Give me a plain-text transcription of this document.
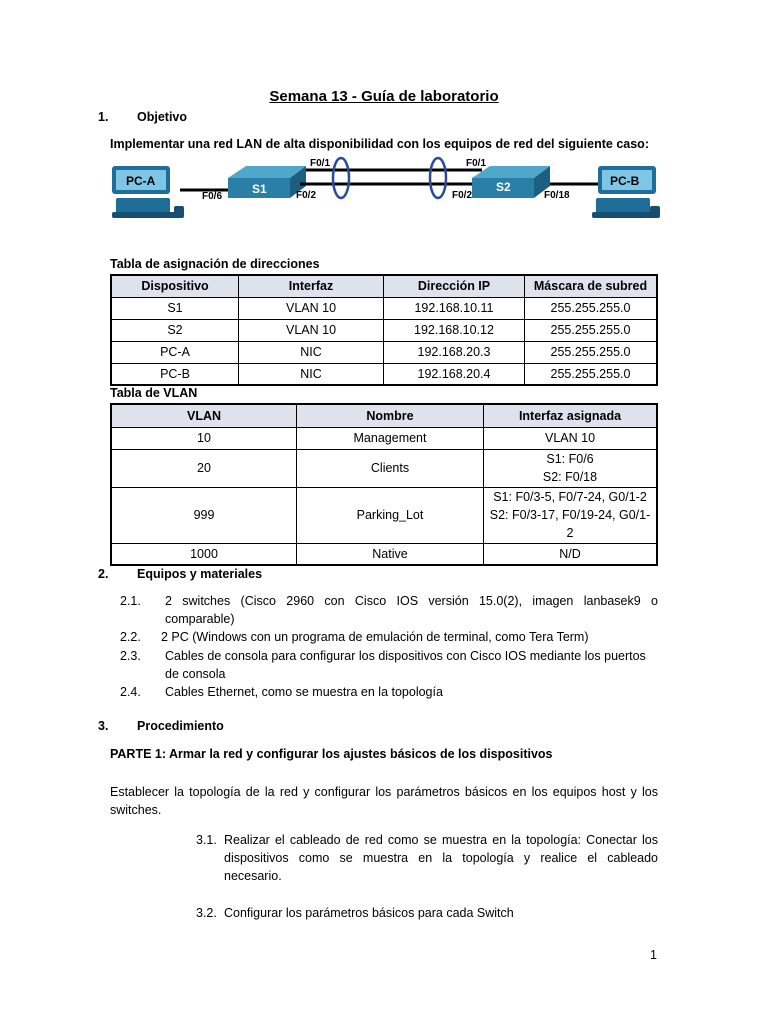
Semana 13 - Guía de laboratorio
1. Objetivo
Implementar una red LAN de alta disponibilidad con los equipos de red del siguiente caso:
PC-A
F0/6
S1
F0/1
F0/2
F0/1
F0/2
S2
F0/18
PC-B
Tabla de asignación de direcciones
Dispositivo	Interfaz	Dirección IP	Máscara de subred
S1	VLAN 10	192.168.10.11	255.255.255.0
S2	VLAN 10	192.168.10.12	255.255.255.0
PC-A	NIC	192.168.20.3	255.255.255.0
PC-B	NIC	192.168.20.4	255.255.255.0
Tabla de VLAN
VLAN	Nombre	Interfaz asignada
10	Management	VLAN 10
20	Clients	S1: F0/6
S2: F0/18

999	Parking_Lot	S1: F0/3-5, F0/7-24, G0/1-2
S2: F0/3-17, F0/19-24, G0/1-
2

1000	Native	N/D
2. Equipos y materiales
2.1. 2 switches (Cisco 2960 con Cisco IOS versión 15.0(2), imagen lanbasek9 o
comparable)
2.2. 2 PC (Windows con un programa de emulación de terminal, como Tera Term)
2.3. Cables de consola para configurar los dispositivos con Cisco IOS mediante los puertos
de consola
2.4. Cables Ethernet, como se muestra en la topología
3. Procedimiento
PARTE 1: Armar la red y configurar los ajustes básicos de los dispositivos
Establecer la topología de la red y configurar los parámetros básicos en los equipos host y los
switches.
3.1. Realizar el cableado de red como se muestra en la topología: Conectar los
dispositivos como se muestra en la topología y realice el cableado
necesario.
3.2. Configurar los parámetros básicos para cada Switch
1
